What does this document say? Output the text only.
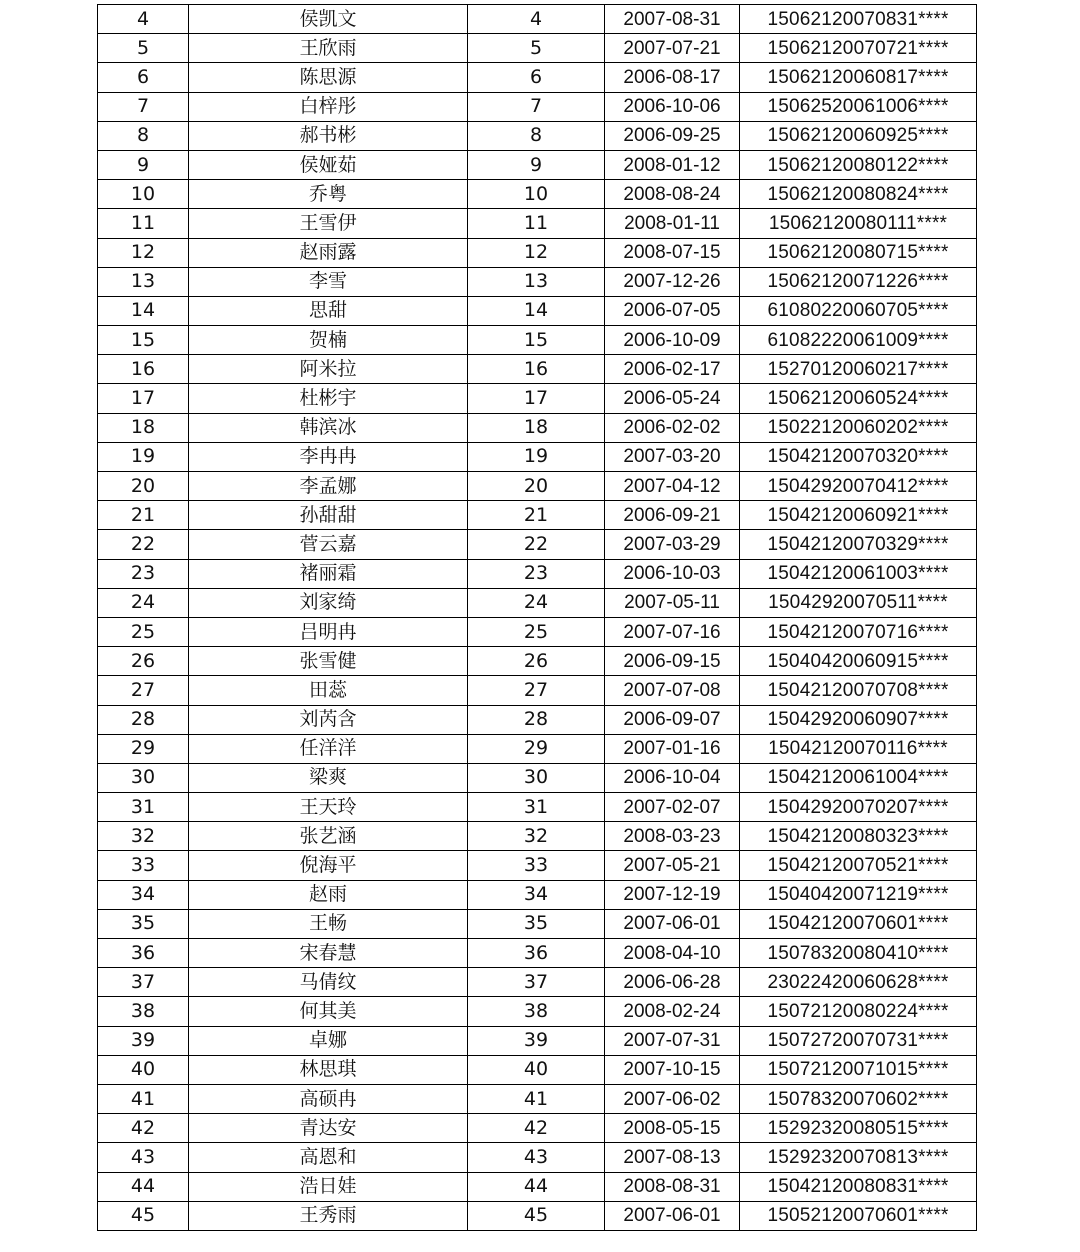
4	侯凯文	4	2007-08-31	15062120070831****
5	王欣雨	5	2007-07-21	15062120070721****
6	陈思源	6	2006-08-17	15062120060817****
7	白梓彤	7	2006-10-06	15062520061006****
8	郝书彬	8	2006-09-25	15062120060925****
9	侯娅茹	9	2008-01-12	15062120080122****
10	乔粤	10	2008-08-24	15062120080824****
11	王雪伊	11	2008-01-11	15062120080111****
12	赵雨露	12	2008-07-15	15062120080715****
13	李雪	13	2007-12-26	15062120071226****
14	思甜	14	2006-07-05	61080220060705****
15	贺楠	15	2006-10-09	61082220061009****
16	阿米拉	16	2006-02-17	15270120060217****
17	杜彬宇	17	2006-05-24	15062120060524****
18	韩滨冰	18	2006-02-02	15022120060202****
19	李冉冉	19	2007-03-20	15042120070320****
20	李孟娜	20	2007-04-12	15042920070412****
21	孙甜甜	21	2006-09-21	15042120060921****
22	菅云嘉	22	2007-03-29	15042120070329****
23	褚丽霜	23	2006-10-03	15042120061003****
24	刘家绮	24	2007-05-11	15042920070511****
25	吕明冉	25	2007-07-16	15042120070716****
26	张雪健	26	2006-09-15	15040420060915****
27	田蕊	27	2007-07-08	15042120070708****
28	刘芮含	28	2006-09-07	15042920060907****
29	任洋洋	29	2007-01-16	15042120070116****
30	梁爽	30	2006-10-04	15042120061004****
31	王天玲	31	2007-02-07	15042920070207****
32	张艺涵	32	2008-03-23	15042120080323****
33	倪海平	33	2007-05-21	15042120070521****
34	赵雨	34	2007-12-19	15040420071219****
35	王畅	35	2007-06-01	15042120070601****
36	宋春慧	36	2008-04-10	15078320080410****
37	马倩纹	37	2006-06-28	23022420060628****
38	何其美	38	2008-02-24	15072120080224****
39	卓娜	39	2007-07-31	15072720070731****
40	林思琪	40	2007-10-15	15072120071015****
41	高硕冉	41	2007-06-02	15078320070602****
42	青达安	42	2008-05-15	15292320080515****
43	高恩和	43	2007-08-13	15292320070813****
44	浩日娃	44	2008-08-31	15042120080831****
45	王秀雨	45	2007-06-01	15052120070601****
